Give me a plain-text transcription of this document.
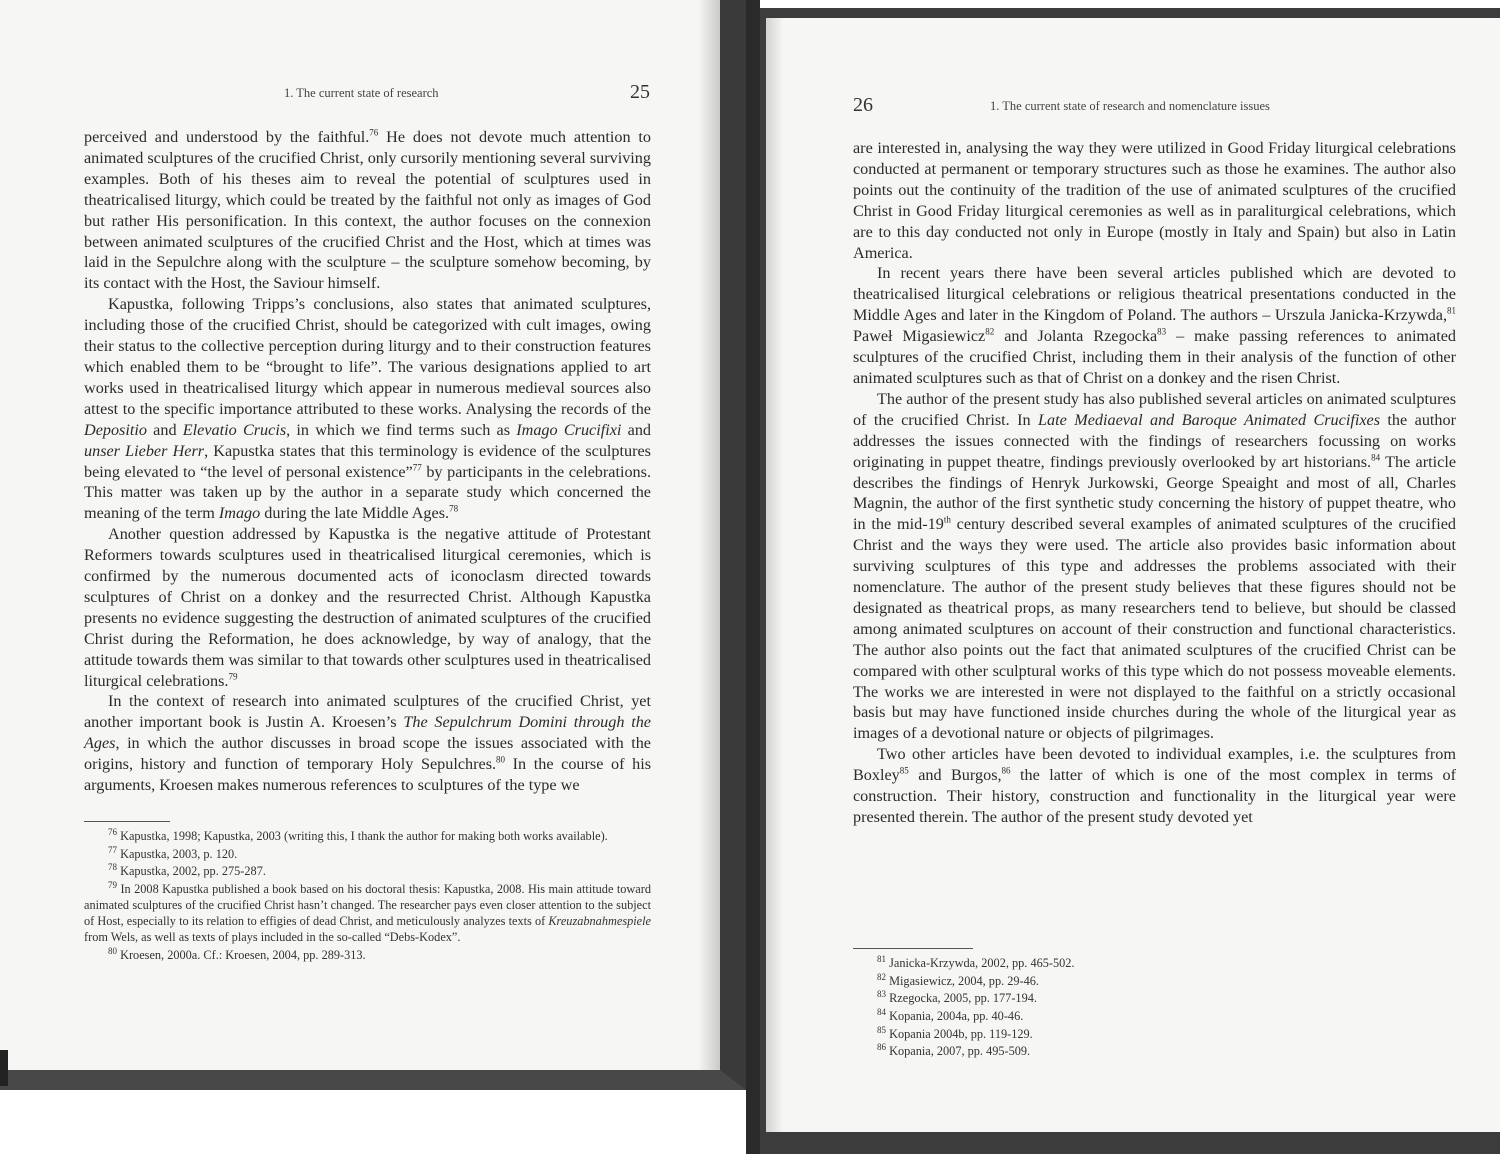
1. The current state of research	25

perceived and understood by the faithful.$^{76}$ He does not devote much attention to animated sculptures of the crucified Christ, only cursorily mentioning several surviving examples. Both of his theses aim to reveal the potential of sculptures used in theatricalised liturgy, which could be treated by the faithful not only as images of God but rather His personification. In this context, the author focuses on the connexion between animated sculptures of the crucified Christ and the Host, which at times was laid in the Sepulchre along with the sculpture – the sculpture somehow becoming, by its contact with the Host, the Saviour himself.

Kapustka, following Tripps’s conclusions, also states that animated sculptures, including those of the crucified Christ, should be categorized with cult images, owing their status to the collective perception during liturgy and to their construction features which enabled them to be “brought to life”. The various designations applied to art works used in theatricalised liturgy which appear in numerous medieval sources also attest to the specific importance attributed to these works. Analysing the records of the Depositio and Elevatio Crucis, in which we find terms such as Imago Crucifixi and unser Lieber Herr, Kapustka states that this terminology is evidence of the sculptures being elevated to “the level of personal existence”$^{77}$ by participants in the celebrations. This matter was taken up by the author in a separate study which concerned the meaning of the term Imago during the late Middle Ages.$^{78}$

Another question addressed by Kapustka is the negative attitude of Protestant Reformers towards sculptures used in theatricalised liturgical ceremonies, which is confirmed by the numerous documented acts of iconoclasm directed towards sculptures of Christ on a donkey and the resurrected Christ. Although Kapustka presents no evidence suggesting the destruction of animated sculptures of the crucified Christ during the Reformation, he does acknowledge, by way of analogy, that the attitude towards them was similar to that towards other sculptures used in theatricalised liturgical celebrations.$^{79}$

In the context of research into animated sculptures of the crucified Christ, yet another important book is Justin A. Kroesen’s The Sepulchrum Domini through the Ages, in which the author discusses in broad scope the issues associated with the origins, history and function of temporary Holy Sepulchres.$^{80}$ In the course of his arguments, Kroesen makes numerous references to sculptures of the type we

$^{76}$ Kapustka, 1998; Kapustka, 2003 (writing this, I thank the author for making both works available).

$^{77}$ Kapustka, 2003, p. 120.

$^{78}$ Kapustka, 2002, pp. 275-287.

$^{79}$ In 2008 Kapustka published a book based on his doctoral thesis: Kapustka, 2008. His main attitude toward animated sculptures of the crucified Christ hasn’t changed. The researcher pays even closer attention to the subject of Host, especially to its relation to effigies of dead Christ, and meticulously analyzes texts of Kreuzabnahmespiele from Wels, as well as texts of plays included in the so-called “Debs-Kodex”.

$^{80}$ Kroesen, 2000a. Cf.: Kroesen, 2004, pp. 289-313.

26	1. The current state of research and nomenclature issues

are interested in, analysing the way they were utilized in Good Friday liturgical celebrations conducted at permanent or temporary structures such as those he examines. The author also points out the continuity of the tradition of the use of animated sculptures of the crucified Christ in Good Friday liturgical ceremonies as well as in paraliturgical celebrations, which are to this day conducted not only in Europe (mostly in Italy and Spain) but also in Latin America.

In recent years there have been several articles published which are devoted to theatricalised liturgical celebrations or religious theatrical presentations conducted in the Middle Ages and later in the Kingdom of Poland. The authors – Urszula Janicka-Krzywda,$^{81}$ Paweł Migasiewicz$^{82}$ and Jolanta Rzegocka$^{83}$ – make passing references to animated sculptures of the crucified Christ, including them in their analysis of the function of other animated sculptures such as that of Christ on a donkey and the risen Christ.

The author of the present study has also published several articles on animated sculptures of the crucified Christ. In Late Mediaeval and Baroque Animated Crucifixes the author addresses the issues connected with the findings of researchers focussing on works originating in puppet theatre, findings previously overlooked by art historians.$^{84}$ The article describes the findings of Henryk Jurkowski, George Speaight and most of all, Charles Magnin, the author of the first synthetic study concerning the history of puppet theatre, who in the mid-19th century described several examples of animated sculptures of the crucified Christ and the ways they were used. The article also provides basic information about surviving sculptures of this type and addresses the problems associated with their nomenclature. The author of the present study believes that these figures should not be designated as theatrical props, as many researchers tend to believe, but should be classed among animated sculptures on account of their construction and functional characteristics. The author also points out the fact that animated sculptures of the crucified Christ can be compared with other sculptural works of this type which do not possess moveable elements. The works we are interested in were not displayed to the faithful on a strictly occasional basis but may have functioned inside churches during the whole of the liturgical year as images of a devotional nature or objects of pilgrimages.

Two other articles have been devoted to individual examples, i.e. the sculptures from Boxley$^{85}$ and Burgos,$^{86}$ the latter of which is one of the most complex in terms of construction. Their history, construction and functionality in the liturgical year were presented therein. The author of the present study devoted yet

$^{81}$ Janicka-Krzywda, 2002, pp. 465-502.

$^{82}$ Migasiewicz, 2004, pp. 29-46.

$^{83}$ Rzegocka, 2005, pp. 177-194.

$^{84}$ Kopania, 2004a, pp. 40-46.

$^{85}$ Kopania 2004b, pp. 119-129.

$^{86}$ Kopania, 2007, pp. 495-509.
